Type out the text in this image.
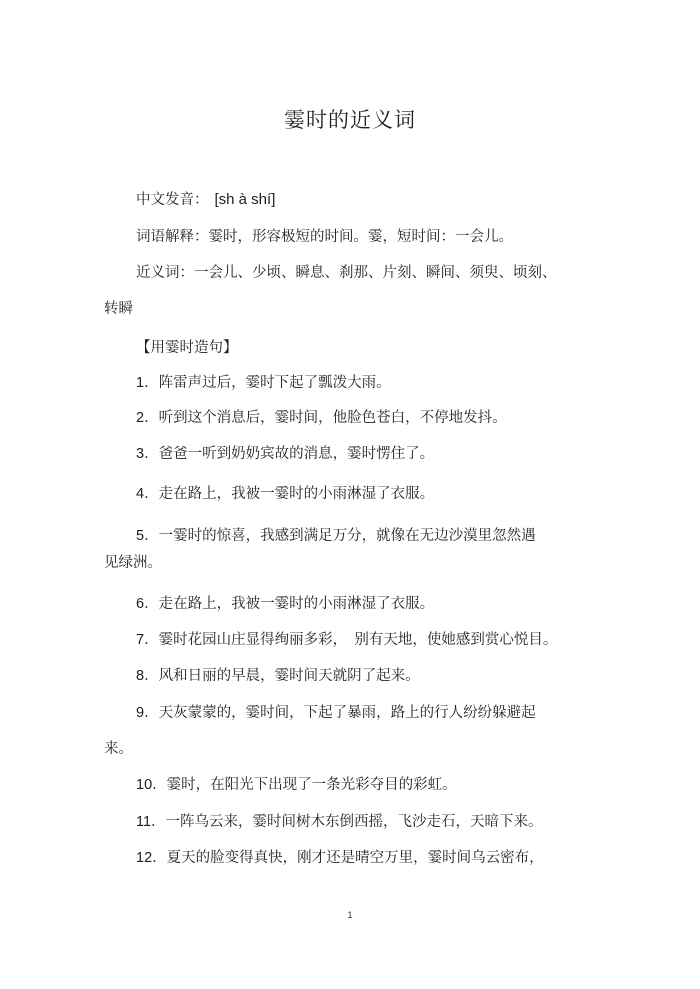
霎时的近义词
中文发音： [sh à shí]
词语解释：霎时，形容极短的时间。霎，短时间：一会儿。
近义词：一会儿、少顷、瞬息、刹那、片刻、瞬间、须臾、顷刻、
转瞬
【用霎时造句】
1．阵雷声过后，霎时下起了瓢泼大雨。
2．听到这个消息后，霎时间，他脸色苍白，不停地发抖。
3．爸爸一听到奶奶宾故的消息，霎时愣住了。
4．走在路上，我被一霎时的小雨淋湿了衣服。
5．一霎时的惊喜，我感到满足万分，就像在无边沙漠里忽然遇
见绿洲。
6．走在路上，我被一霎时的小雨淋湿了衣服。
7．霎时花园山庄显得绚丽多彩，　别有天地，使她感到赏心悦目。
8．风和日丽的早晨，霎时间天就阴了起来。
9．天灰蒙蒙的，霎时间，下起了暴雨，路上的行人纷纷躲避起
来。
10．霎时，在阳光下出现了一条光彩夺目的彩虹。
11．一阵乌云来，霎时间树木东倒西摇，飞沙走石，天暗下来。
12．夏天的脸变得真快，刚才还是晴空万里，霎时间乌云密布，
1
